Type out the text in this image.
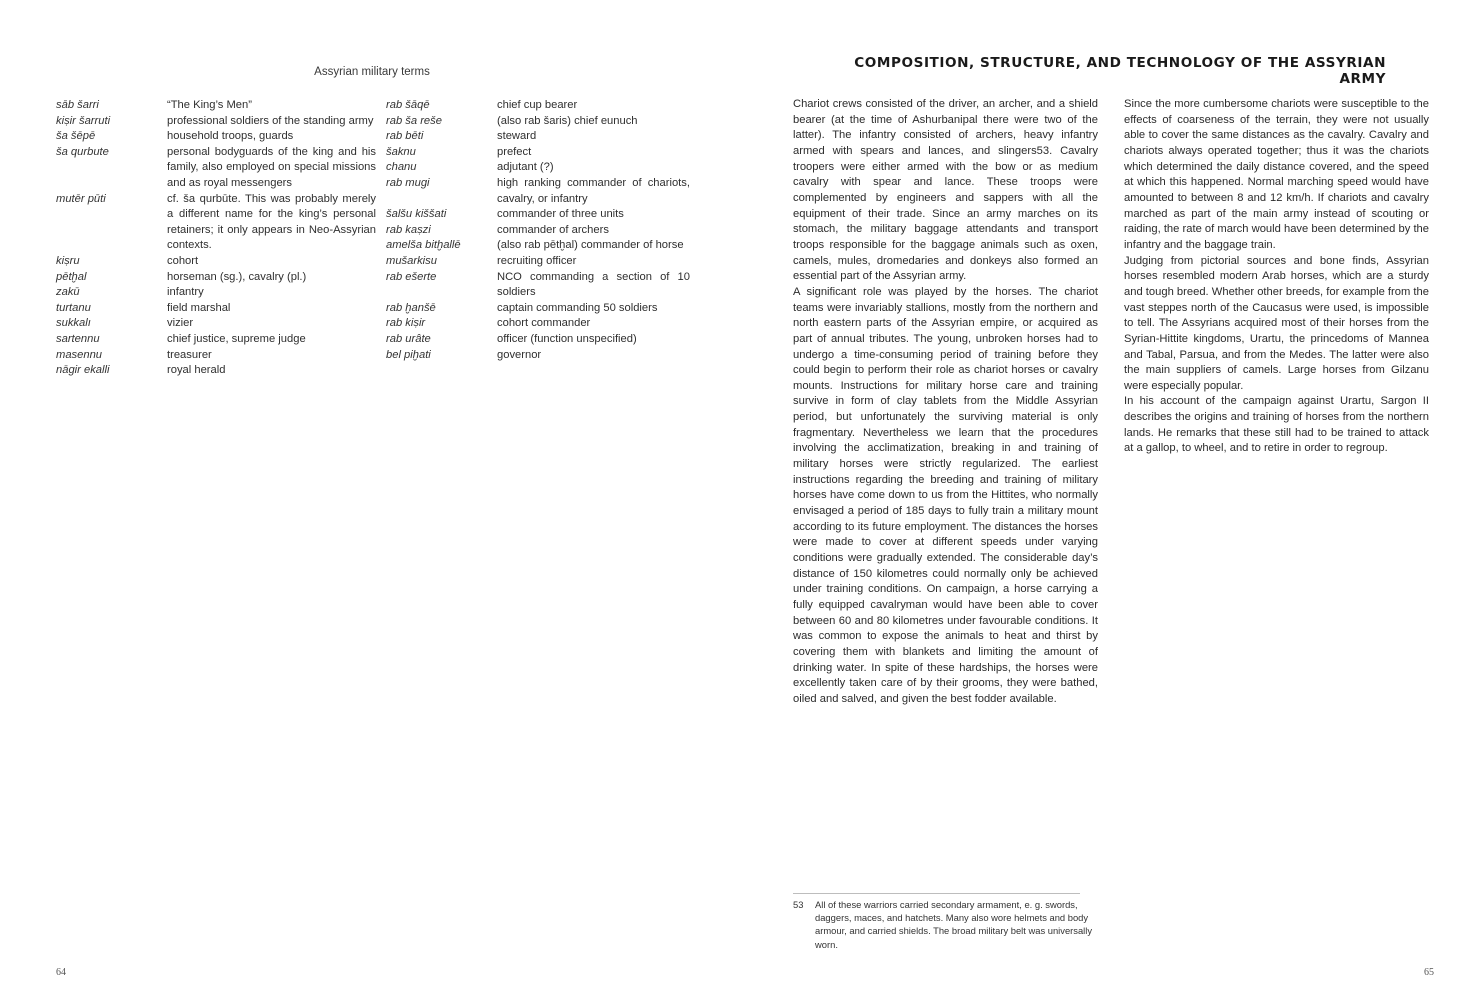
Assyrian military terms
sāb šarri	“The King’s Men”
kiṣir šarruti	professional soldiers of the standing army
ša šēpē	household troops, guards
ša qurbute	personal bodyguards of the king and his family, also employed on special missions and as royal messengers
mutēr pūti	cf. ša qurbūte. This was probably merely a different name for the king’s personal retainers; it only appears in Neo-Assyrian contexts.
kiṣru	cohort
pētḫal	horseman (sg.), cavalry (pl.)
zakū	infantry
turtanu	field marshal
sukkalı	vizier
sartennu	chief justice, supreme judge
masennu	treasurer
nāgir ekalli	royal herald
rab šāqē	chief cup bearer
rab ša reše	(also rab šaris) chief eunuch
rab bēti	steward
šaknu	prefect
chanu	adjutant (?)
rab mugi	high ranking commander of chariots, cavalry, or infantry
šalšu kiššati	commander of three units
rab kaṣzi	commander of archers
amelša bitḫallē	(also rab pētḫal) commander of horse
mušarkisu	recruiting officer
rab ešerte	NCO commanding a section of 10 soldiers
rab ḫanšē	captain commanding 50 soldiers
rab kiṣir	cohort commander
rab urâte	officer (function unspecified)
bel piḫati	governor
64
COMPOSITION, STRUCTURE, AND TECHNOLOGY OF THE ASSYRIAN ARMY

Chariot crews consisted of the driver, an archer, and a shield bearer (at the time of Ashurbanipal there were two of the latter). The infantry consisted of archers, heavy infantry armed with spears and lances, and slingers53. Cavalry troopers were either armed with the bow or as medium cavalry with spear and lance. These troops were complemented by engineers and sappers with all the equipment of their trade. Since an army marches on its stomach, the military baggage attendants and transport troops responsible for the baggage animals such as oxen, camels, mules, dromedaries and donkeys also formed an essential part of the Assyrian army.

A significant role was played by the horses. The chariot teams were invariably stallions, mostly from the northern and north eastern parts of the Assyrian empire, or acquired as part of annual tributes. The young, unbroken horses had to undergo a time-consuming period of training before they could begin to perform their role as chariot horses or cavalry mounts. Instructions for military horse care and training survive in form of clay tablets from the Middle Assyrian period, but unfortunately the surviving material is only fragmentary. Nevertheless we learn that the procedures involving the acclimatization, breaking in and training of military horses were strictly regularized. The earliest instructions regarding the breeding and training of military horses have come down to us from the Hittites, who normally envisaged a period of 185 days to fully train a military mount according to its future employment. The distances the horses were made to cover at different speeds under varying conditions were gradually extended. The considerable day’s distance of 150 kilometres could normally only be achieved under training conditions. On campaign, a horse carrying a fully equipped cavalryman would have been able to cover between 60 and 80 kilometres under favourable conditions. It was common to expose the animals to heat and thirst by covering them with blankets and limiting the amount of drinking water. In spite of these hardships, the horses were excellently taken care of by their grooms, they were bathed, oiled and salved, and given the best fodder available.

Since the more cumbersome chariots were susceptible to the effects of coarseness of the terrain, they were not usually able to cover the same distances as the cavalry. Cavalry and chariots always operated together; thus it was the chariots which determined the daily distance covered, and the speed at which this happened. Normal marching speed would have amounted to between 8 and 12 km/h. If chariots and cavalry marched as part of the main army instead of scouting or raiding, the rate of march would have been determined by the infantry and the baggage train.

Judging from pictorial sources and bone finds, Assyrian horses resembled modern Arab horses, which are a sturdy and tough breed. Whether other breeds, for example from the vast steppes north of the Caucasus were used, is impossible to tell. The Assyrians acquired most of their horses from the Syrian-Hittite kingdoms, Urartu, the princedoms of Mannea and Tabal, Parsua, and from the Medes. The latter were also the main suppliers of camels. Large horses from Gilzanu were especially popular.

In his account of the campaign against Urartu, Sargon II describes the origins and training of horses from the northern lands. He remarks that these still had to be trained to attack at a gallop, to wheel, and to retire in order to regroup.

53	All of these warriors carried secondary armament, e. g. swords, daggers, maces, and hatchets. Many also wore helmets and body armour, and carried shields. The broad military belt was universally worn.
65
